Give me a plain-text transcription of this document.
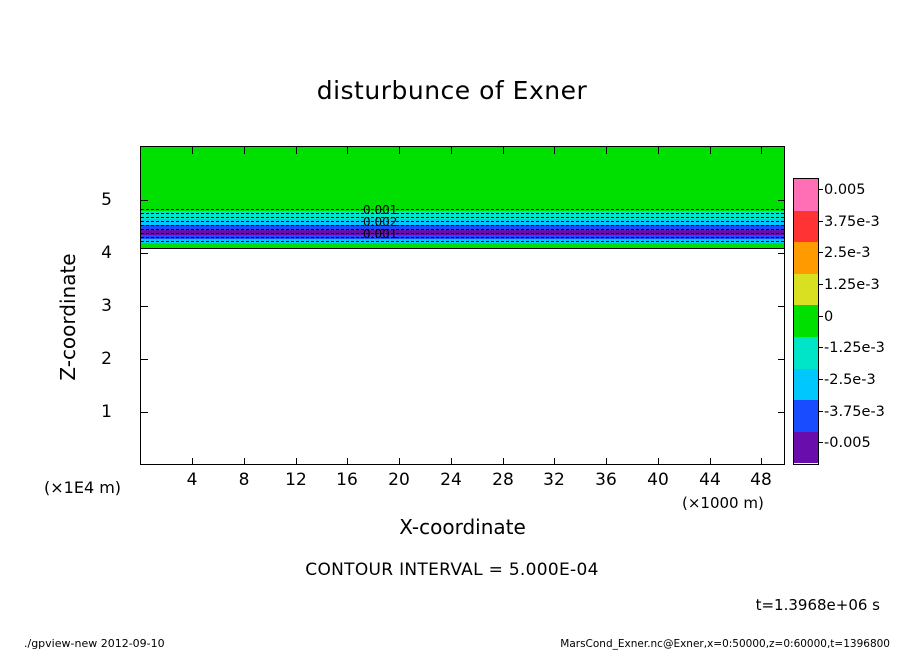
disturbunce of Exner
0.001
0.002
0.001
4	8	12	16	20	24	28	32	36	40	44	48
1
2
3
4
5
Z-coordinate
X-coordinate
(×1E4 m)
(×1000 m)
0.005
3.75e-3
2.5e-3
1.25e-3
0
-1.25e-3
-2.5e-3
-3.75e-3
-0.005
CONTOUR INTERVAL = 5.000E-04
t=1.3968e+06 s
./gpview-new 2012-09-10	MarsCond_Exner.nc@Exner,x=0:50000,z=0:60000,t=1396800
